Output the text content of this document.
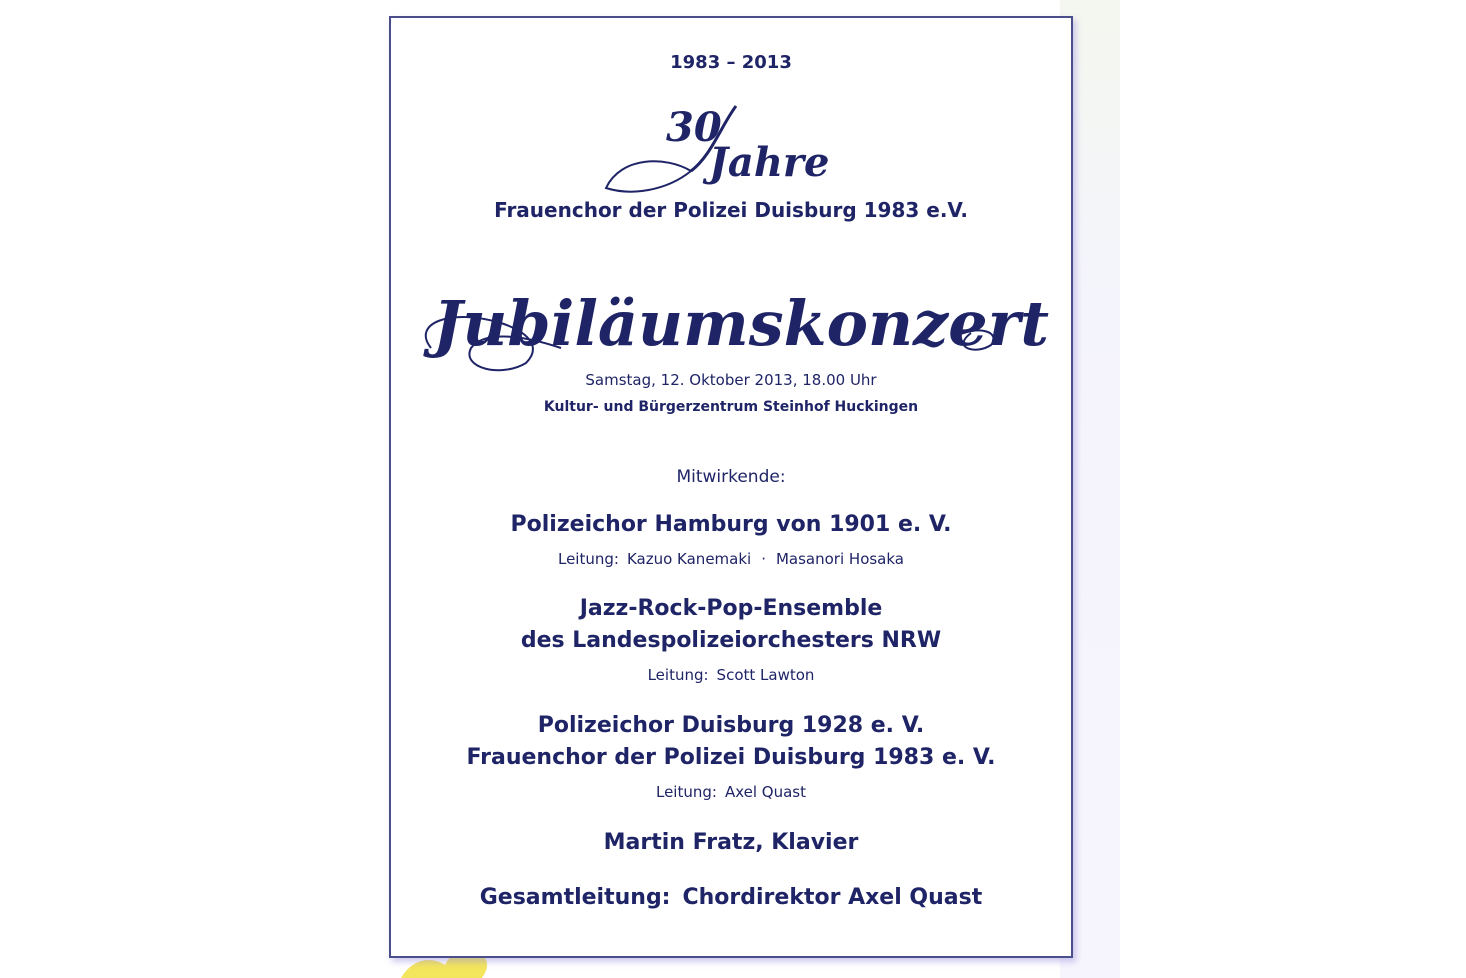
1983 – 2013
30
Jahre
Frauenchor der Polizei Duisburg 1983 e.V.
Jubiläumskonzert
Samstag, 12. Oktober 2013, 18.00 Uhr
Kultur- und Bürgerzentrum Steinhof Huckingen
Mitwirkende:
Polizeichor Hamburg von 1901 e. V.
Leitung: Kazuo Kanemaki · Masanori Hosaka
Jazz-Rock-Pop-Ensemble
des Landespolizeiorchesters NRW
Leitung: Scott Lawton
Polizeichor Duisburg 1928 e. V.
Frauenchor der Polizei Duisburg 1983 e. V.
Leitung: Axel Quast
Martin Fratz, Klavier
Gesamtleitung: Chordirektor Axel Quast
